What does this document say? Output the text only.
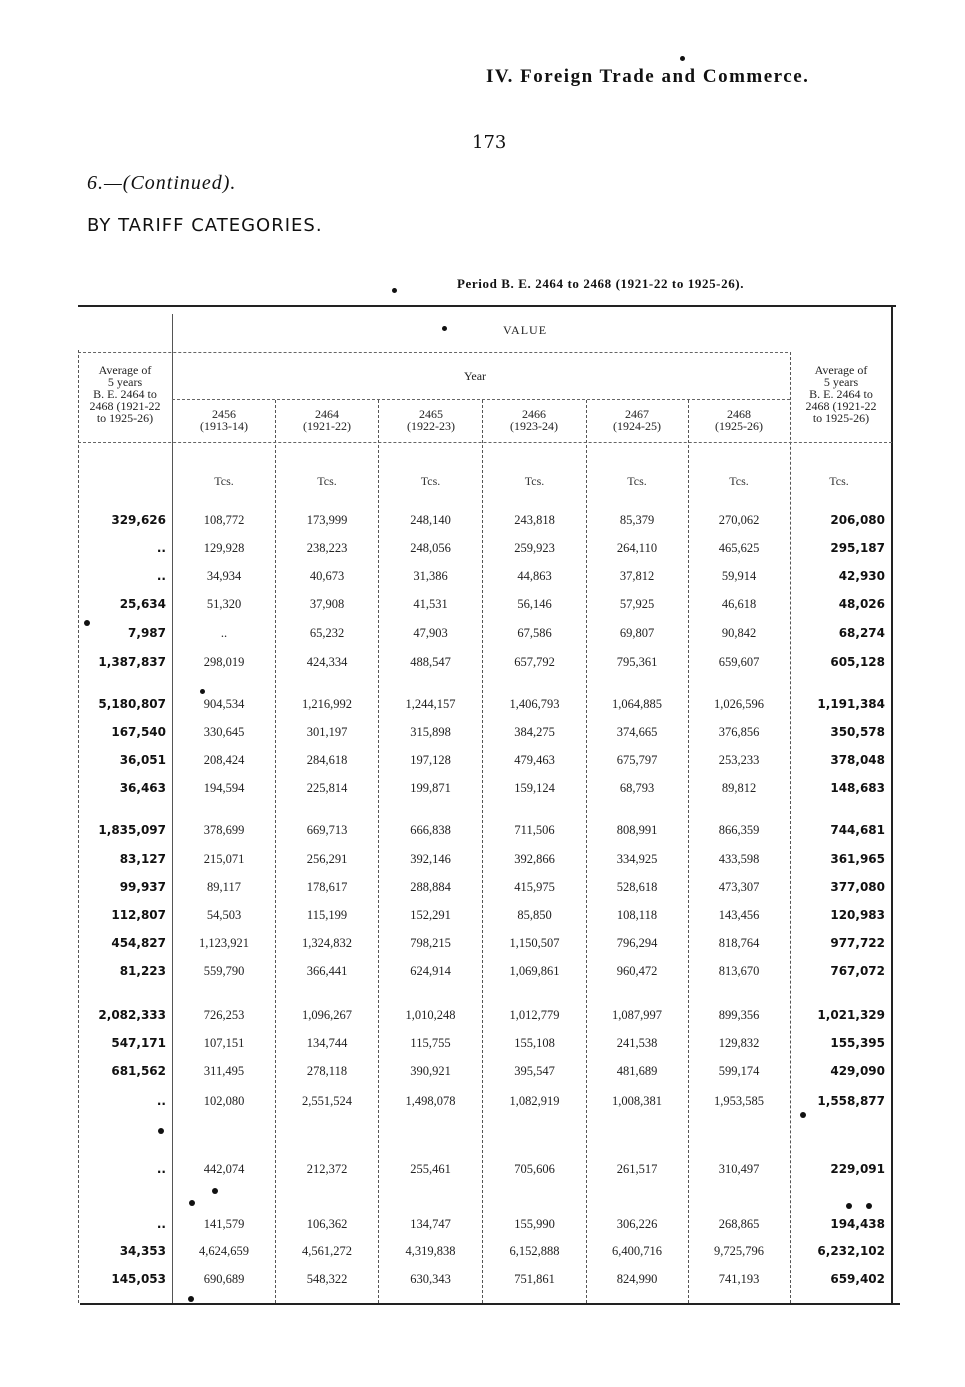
IV. Foreign Trade and Commerce.
173
6.—(Continued).
BY TARIFF CATEGORIES.
Period B. E. 2464 to 2468 (1921-22 to 1925-26).
VALUE
Year
Average of
5 years
B. E. 2464 to
2468 (1921-22
to 1925-26)
Average of
5 years
B. E. 2464 to
2468 (1921-22
to 1925-26)
2456
(1913-14)
2464
(1921-22)
2465
(1922-23)
2466
(1923-24)
2467
(1924-25)
2468
(1925-26)
Tcs.	Tcs.	Tcs.	Tcs.	Tcs.	Tcs.	Tcs.
329,626	108,772	173,999	248,140	243,818	85,379	270,062	206,080
..	129,928	238,223	248,056	259,923	264,110	465,625	295,187
..	34,934	40,673	31,386	44,863	37,812	59,914	42,930
25,634	51,320	37,908	41,531	56,146	57,925	46,618	48,026
7,987	..	65,232	47,903	67,586	69,807	90,842	68,274
1,387,837	298,019	424,334	488,547	657,792	795,361	659,607	605,128
5,180,807	904,534	1,216,992	1,244,157	1,406,793	1,064,885	1,026,596	1,191,384
167,540	330,645	301,197	315,898	384,275	374,665	376,856	350,578
36,051	208,424	284,618	197,128	479,463	675,797	253,233	378,048
36,463	194,594	225,814	199,871	159,124	68,793	89,812	148,683
1,835,097	378,699	669,713	666,838	711,506	808,991	866,359	744,681
83,127	215,071	256,291	392,146	392,866	334,925	433,598	361,965
99,937	89,117	178,617	288,884	415,975	528,618	473,307	377,080
112,807	54,503	115,199	152,291	85,850	108,118	143,456	120,983
454,827	1,123,921	1,324,832	798,215	1,150,507	796,294	818,764	977,722
81,223	559,790	366,441	624,914	1,069,861	960,472	813,670	767,072
2,082,333	726,253	1,096,267	1,010,248	1,012,779	1,087,997	899,356	1,021,329
547,171	107,151	134,744	115,755	155,108	241,538	129,832	155,395
681,562	311,495	278,118	390,921	395,547	481,689	599,174	429,090
..	102,080	2,551,524	1,498,078	1,082,919	1,008,381	1,953,585	1,558,877
..	442,074	212,372	255,461	705,606	261,517	310,497	229,091
..	141,579	106,362	134,747	155,990	306,226	268,865	194,438
34,353	4,624,659	4,561,272	4,319,838	6,152,888	6,400,716	9,725,796	6,232,102
145,053	690,689	548,322	630,343	751,861	824,990	741,193	659,402
